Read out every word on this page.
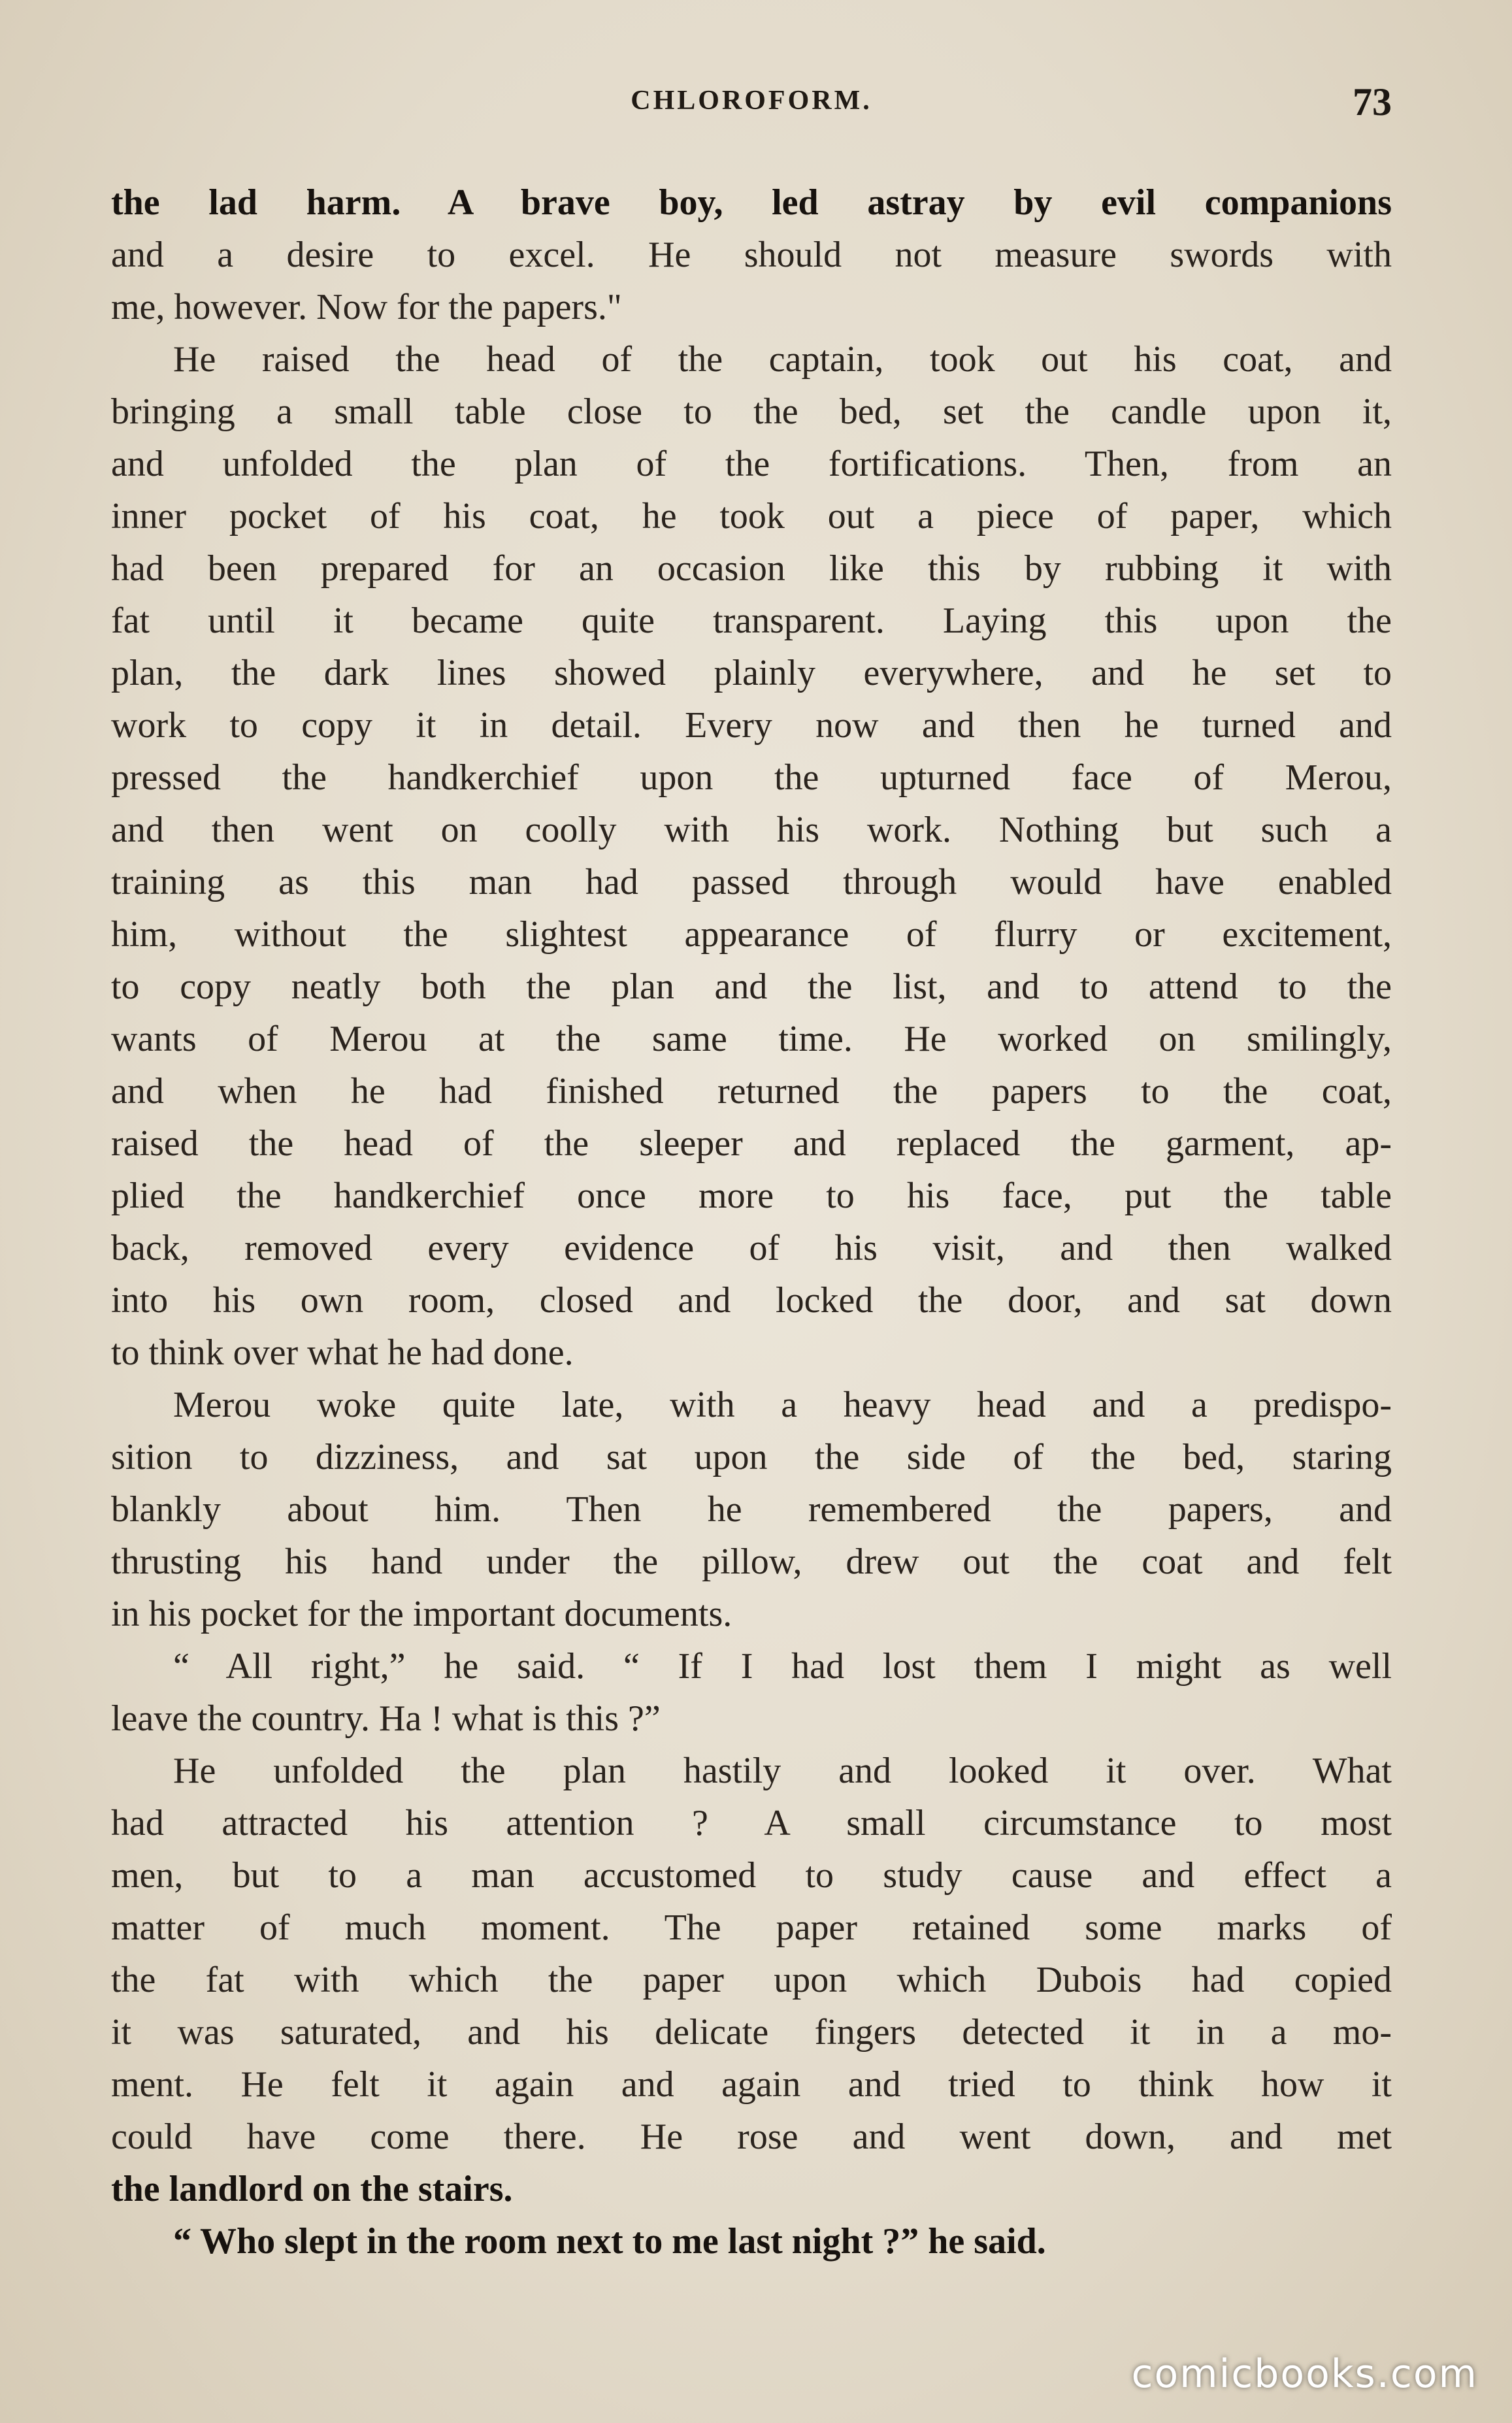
CHLOROFORM.	73
the lad harm. A brave boy, led astray by evil companions
and a desire to excel. He should not measure swords with
me, however. Now for the papers."
He raised the head of the captain, took out his coat, and
bringing a small table close to the bed, set the candle upon it,
and unfolded the plan of the fortifications. Then, from an
inner pocket of his coat, he took out a piece of paper, which
had been prepared for an occasion like this by rubbing it with
fat until it became quite transparent. Laying this upon the
plan, the dark lines showed plainly everywhere, and he set to
work to copy it in detail. Every now and then he turned and
pressed the handkerchief upon the upturned face of Merou,
and then went on coolly with his work. Nothing but such a
training as this man had passed through would have enabled
him, without the slightest appearance of flurry or excitement,
to copy neatly both the plan and the list, and to attend to the
wants of Merou at the same time. He worked on smilingly,
and when he had finished returned the papers to the coat,
raised the head of the sleeper and replaced the garment, ap-
plied the handkerchief once more to his face, put the table
back, removed every evidence of his visit, and then walked
into his own room, closed and locked the door, and sat down
to think over what he had done.
Merou woke quite late, with a heavy head and a predispo-
sition to dizziness, and sat upon the side of the bed, staring
blankly about him. Then he remembered the papers, and
thrusting his hand under the pillow, drew out the coat and felt
in his pocket for the important documents.
“ All right,” he said. “ If I had lost them I might as well
leave the country. Ha ! what is this ?”
He unfolded the plan hastily and looked it over. What
had attracted his attention ? A small circumstance to most
men, but to a man accustomed to study cause and effect a
matter of much moment. The paper retained some marks of
the fat with which the paper upon which Dubois had copied
it was saturated, and his delicate fingers detected it in a mo-
ment. He felt it again and again and tried to think how it
could have come there. He rose and went down, and met
the landlord on the stairs.
“ Who slept in the room next to me last night ?” he said.
comicbooks.com
